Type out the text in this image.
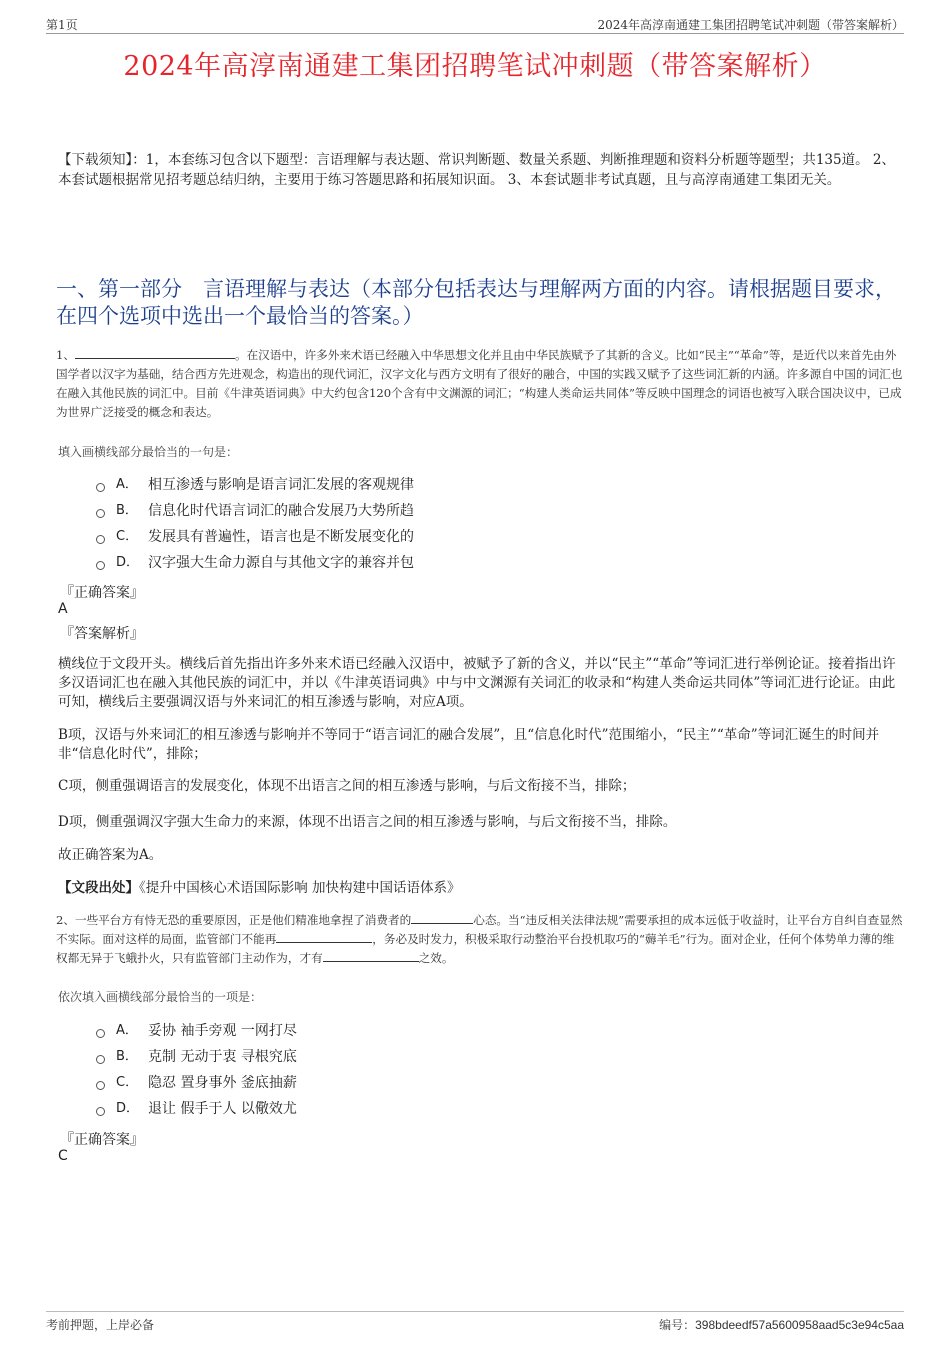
第1页	2024年高淳南通建工集团招聘笔试冲刺题（带答案解析）
2024年高淳南通建工集团招聘笔试冲刺题（带答案解析）
【下载须知】：1，本套练习包含以下题型：言语理解与表达题、常识判断题、数量关系题、判断推理题和资料分析题等题型；共135道。 2、本套试题根据常见招考题总结归纳，主要用于练习答题思路和拓展知识面。 3、本套试题非考试真题，且与高淳南通建工集团无关。
一、第一部分　言语理解与表达（本部分包括表达与理解两方面的内容。请根据题目要求，在四个选项中选出一个最恰当的答案。）
1、	。在汉语中，许多外来术语已经融入中华思想文化并且由中华民族赋予了其新的含义。比如“民主”“革命”等，是近代以来首先由外国学者以汉字为基础，结合西方先进观念，构造出的现代词汇，汉字文化与西方文明有了很好的融合，中国的实践又赋予了这些词汇新的内涵。许多源自中国的词汇也在融入其他民族的词汇中。目前《牛津英语词典》中大约包含120个含有中文渊源的词汇；“构建人类命运共同体”等反映中国理念的词语也被写入联合国决议中，已成为世界广泛接受的概念和表达。
填入画横线部分最恰当的一句是：
A． 相互渗透与影响是语言词汇发展的客观规律
B． 信息化时代语言词汇的融合发展乃大势所趋
C． 发展具有普遍性，语言也是不断发展变化的
D． 汉字强大生命力源自与其他文字的兼容并包
『正确答案』
A
『答案解析』
横线位于文段开头。横线后首先指出许多外来术语已经融入汉语中，被赋予了新的含义，并以“民主”“革命”等词汇进行举例论证。接着指出许多汉语词汇也在融入其他民族的词汇中，并以《牛津英语词典》中与中文渊源有关词汇的收录和“构建人类命运共同体”等词汇进行论证。由此可知，横线后主要强调汉语与外来词汇的相互渗透与影响，对应A项。
B项，汉语与外来词汇的相互渗透与影响并不等同于“语言词汇的融合发展”，且“信息化时代”范围缩小，“民主”“革命”等词汇诞生的时间并非“信息化时代”，排除；
C项，侧重强调语言的发展变化，体现不出语言之间的相互渗透与影响，与后文衔接不当，排除；
D项，侧重强调汉字强大生命力的来源，体现不出语言之间的相互渗透与影响，与后文衔接不当，排除。
故正确答案为A。
【文段出处】《提升中国核心术语国际影响 加快构建中国话语体系》
2、一些平台方有恃无恐的重要原因，正是他们精准地拿捏了消费者的	心态。当“违反相关法律法规”需要承担的成本远低于收益时，让平台方自纠自查显然不实际。面对这样的局面，监管部门不能再	，务必及时发力，积极采取行动整治平台投机取巧的“薅羊毛”行为。面对企业，任何个体势单力薄的维权都无异于飞蛾扑火，只有监管部门主动作为，才有	之效。
依次填入画横线部分最恰当的一项是：
A． 妥协 袖手旁观 一网打尽
B． 克制 无动于衷 寻根究底
C． 隐忍 置身事外 釜底抽薪
D． 退让 假手于人 以儆效尤
『正确答案』
C
考前押题，上岸必备	编号：398bdeedf57a5600958aad5c3e94c5aa
